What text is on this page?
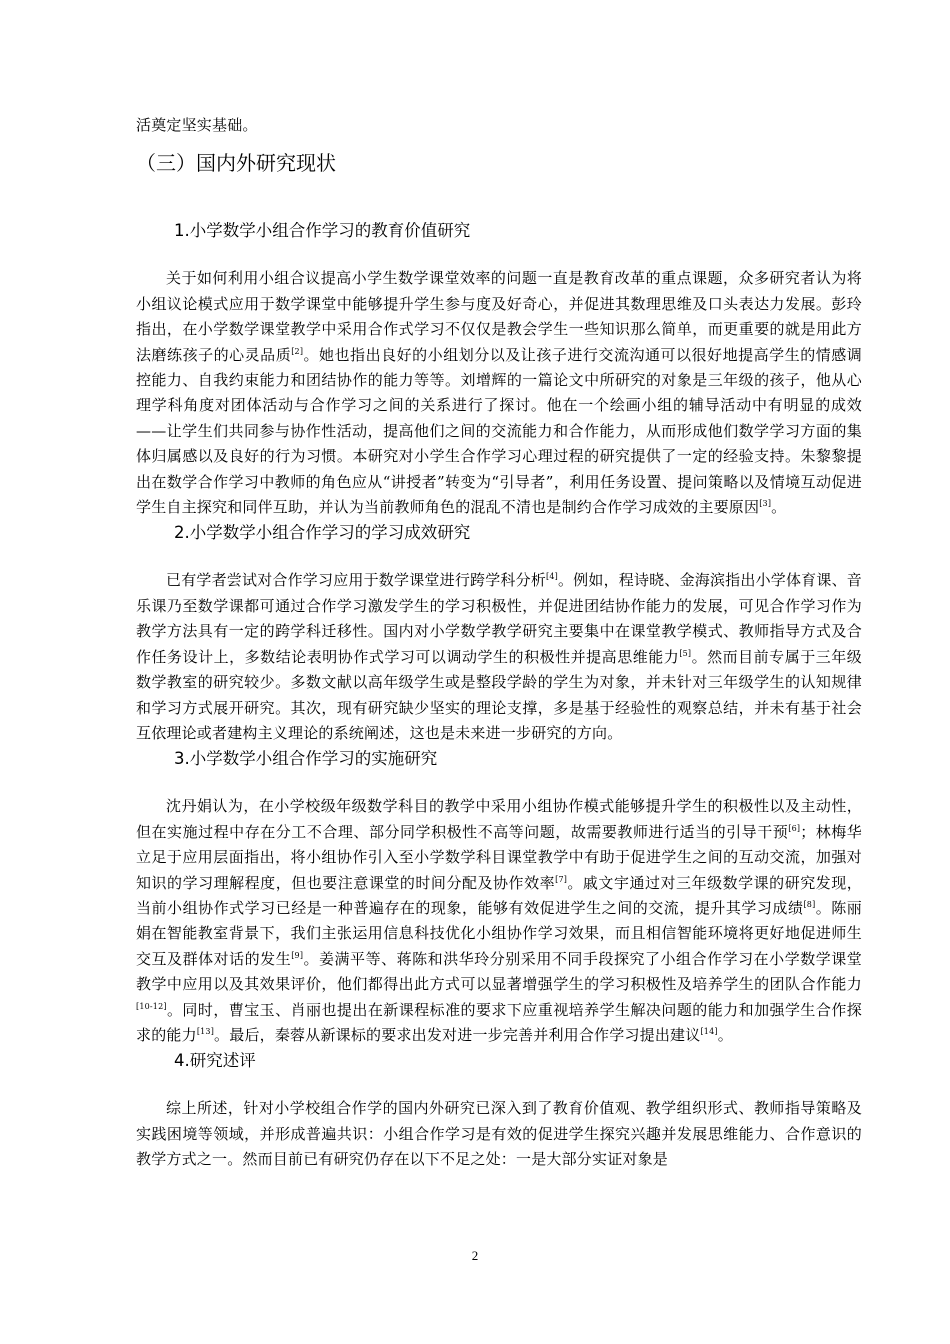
活奠定坚实基础。

（三）国内外研究现状
1.小学数学小组合作学习的教育价值研究

关于如何利用小组合议提高小学生数学课堂效率的问题一直是教育改革的重点课题，众多研究者认为将小组议论模式应用于数学课堂中能够提升学生参与度及好奇心，并促进其数理思维及口头表达力发展。彭玲指出，在小学数学课堂教学中采用合作式学习不仅仅是教会学生一些知识那么简单，而更重要的就是用此方法磨练孩子的心灵品质[2]。她也指出良好的小组划分以及让孩子进行交流沟通可以很好地提高学生的情感调控能力、自我约束能力和团结协作的能力等等。刘增辉的一篇论文中所研究的对象是三年级的孩子，他从心理学科角度对团体活动与合作学习之间的关系进行了探讨。他在一个绘画小组的辅导活动中有明显的成效——让学生们共同参与协作性活动，提高他们之间的交流能力和合作能力，从而形成他们数学学习方面的集体归属感以及良好的行为习惯。本研究对小学生合作学习心理过程的研究提供了一定的经验支持。朱黎黎提出在数学合作学习中教师的角色应从“讲授者”转变为“引导者”，利用任务设置、提问策略以及情境互动促进学生自主探究和同伴互助，并认为当前教师角色的混乱不清也是制约合作学习成效的主要原因[3]。

2.小学数学小组合作学习的学习成效研究

已有学者尝试对合作学习应用于数学课堂进行跨学科分析[4]。例如，程诗晓、金海滨指出小学体育课、音乐课乃至数学课都可通过合作学习激发学生的学习积极性，并促进团结协作能力的发展，可见合作学习作为教学方法具有一定的跨学科迁移性。国内对小学数学教学研究主要集中在课堂教学模式、教师指导方式及合作任务设计上，多数结论表明协作式学习可以调动学生的积极性并提高思维能力[5]。然而目前专属于三年级数学教室的研究较少。多数文献以高年级学生或是整段学龄的学生为对象，并未针对三年级学生的认知规律和学习方式展开研究。其次，现有研究缺少坚实的理论支撑，多是基于经验性的观察总结，并未有基于社会互依理论或者建构主义理论的系统阐述，这也是未来进一步研究的方向。

3.小学数学小组合作学习的实施研究

沈丹娟认为，在小学校级年级数学科目的教学中采用小组协作模式能够提升学生的积极性以及主动性，但在实施过程中存在分工不合理、部分同学积极性不高等问题，故需要教师进行适当的引导干预[6]；林梅华立足于应用层面指出，将小组协作引入至小学数学科目课堂教学中有助于促进学生之间的互动交流，加强对知识的学习理解程度，但也要注意课堂的时间分配及协作效率[7]。戚文宇通过对三年级数学课的研究发现，当前小组协作式学习已经是一种普遍存在的现象，能够有效促进学生之间的交流，提升其学习成绩[8]。陈丽娟在智能教室背景下，我们主张运用信息科技优化小组协作学习效果，而且相信智能环境将更好地促进师生交互及群体对话的发生[9]。姜满平等、蒋陈和洪华玲分别采用不同手段探究了小组合作学习在小学数学课堂教学中应用以及其效果评价，他们都得出此方式可以显著增强学生的学习积极性及培养学生的团队合作能力[10-12]。同时，曹宝玉、肖丽也提出在新课程标准的要求下应重视培养学生解决问题的能力和加强学生合作探求的能力[13]。最后，秦蓉从新课标的要求出发对进一步完善并利用合作学习提出建议[14]。

4.研究述评

综上所述，针对小学校组合作学的国内外研究已深入到了教育价值观、教学组织形式、教师指导策略及实践困境等领域，并形成普遍共识：小组合作学习是有效的促进学生探究兴趣并发展思维能力、合作意识的教学方式之一。然而目前已有研究仍存在以下不足之处：一是大部分实证对象是

2
